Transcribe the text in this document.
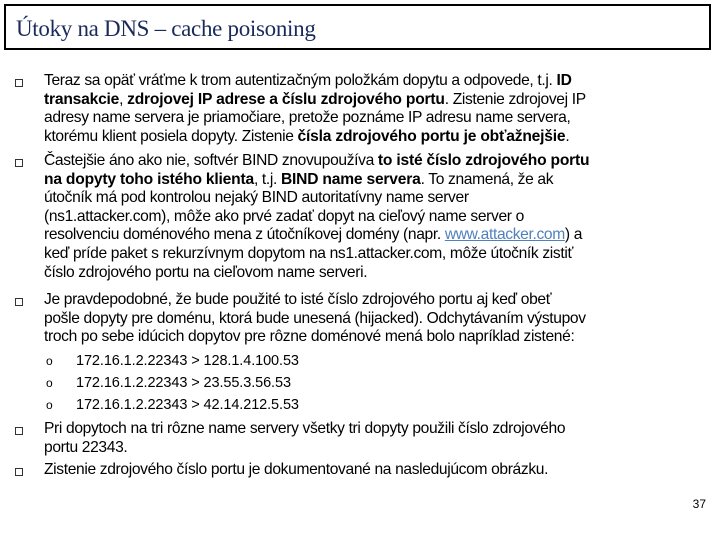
Útoky na DNS – cache poisoning
Teraz sa opäť vráťme k trom autentizačným položkám dopytu a odpovede, t.j. ID
transakcie, zdrojovej IP adrese a číslu zdrojového portu. Zistenie zdrojovej IP
adresy name servera je priamočiare, pretože poznáme IP adresu name servera,
ktorému klient posiela dopyty. Zistenie čísla zdrojového portu je obťažnejšie.
Častejšie áno ako nie, softvér BIND znovupoužíva to isté číslo zdrojového portu
na dopyty toho istého klienta, t.j. BIND name servera. To znamená, že ak
útočník má pod kontrolou nejaký BIND autoritatívny name server
(ns1.attacker.com), môže ako prvé zadať dopyt na cieľový name server o
resolvenciu doménového mena z útočníkovej domény (napr. www.attacker.com) a
keď príde paket s rekurzívnym dopytom na ns1.attacker.com, môže útočník zistiť
číslo zdrojového portu na cieľovom name serveri.
Je pravdepodobné, že bude použité to isté číslo zdrojového portu aj keď obeť
pošle dopyty pre doménu, ktorá bude unesená (hijacked). Odchytávaním výstupov
troch po sebe idúcich dopytov pre rôzne doménové mená bolo napríklad zistené:
Pri dopytoch na tri rôzne name servery všetky tri dopyty použili číslo zdrojového
portu 22343.
Zistenie zdrojového číslo portu je dokumentované na nasledujúcom obrázku.
o 172.16.1.2.22343 > 128.1.4.100.53
o 172.16.1.2.22343 > 23.55.3.56.53
o 172.16.1.2.22343 > 42.14.212.5.53
37
